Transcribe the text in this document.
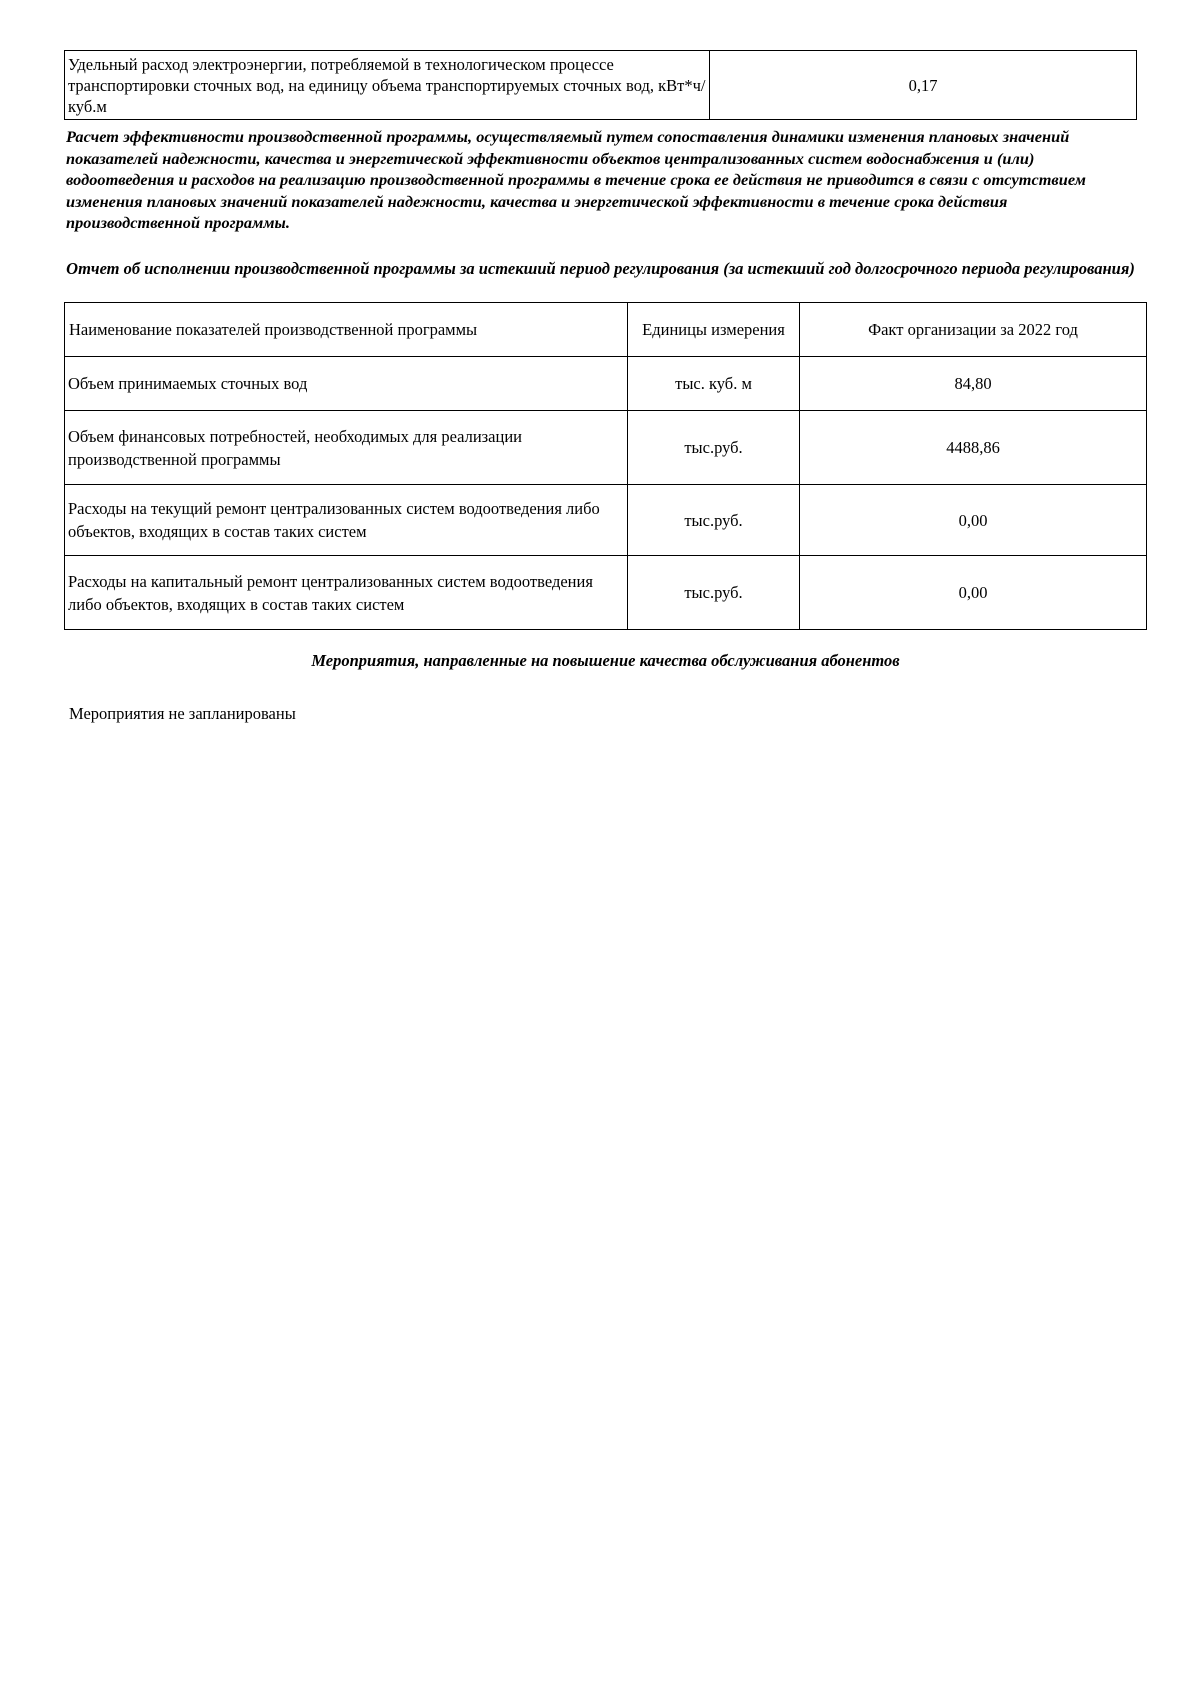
Удельный расход электроэнергии, потребляемой в технологическом процессе транспортировки сточных вод, на единицу объема транспортируемых сточных вод, кВт*ч/ куб.м	0,17
Расчет эффективности производственной программы, осуществляемый путем сопоставления динамики изменения плановых значений показателей надежности, качества и энергетической эффективности объектов централизованных систем водоснабжения и (или) водоотведения и расходов на реализацию производственной программы в течение срока ее действия не приводится в связи с отсутствием изменения плановых значений показателей надежности, качества и энергетической эффективности в течение срока действия производственной программы.
Отчет об исполнении производственной программы за истекший период регулирования (за истекший год долгосрочного периода регулирования)
Наименование показателей производственной программы	Единицы измерения	Факт организации за 2022 год
Объем принимаемых сточных вод	тыс. куб. м	84,80
Объем финансовых потребностей, необходимых для реализации производственной программы	тыс.руб.	4488,86
Расходы на текущий ремонт централизованных систем водоотведения либо объектов, входящих в состав таких систем	тыс.руб.	0,00
Расходы на капитальный ремонт централизованных систем водоотведения либо объектов, входящих в состав таких систем	тыс.руб.	0,00
Мероприятия, направленные на повышение качества обслуживания абонентов
Мероприятия не запланированы
